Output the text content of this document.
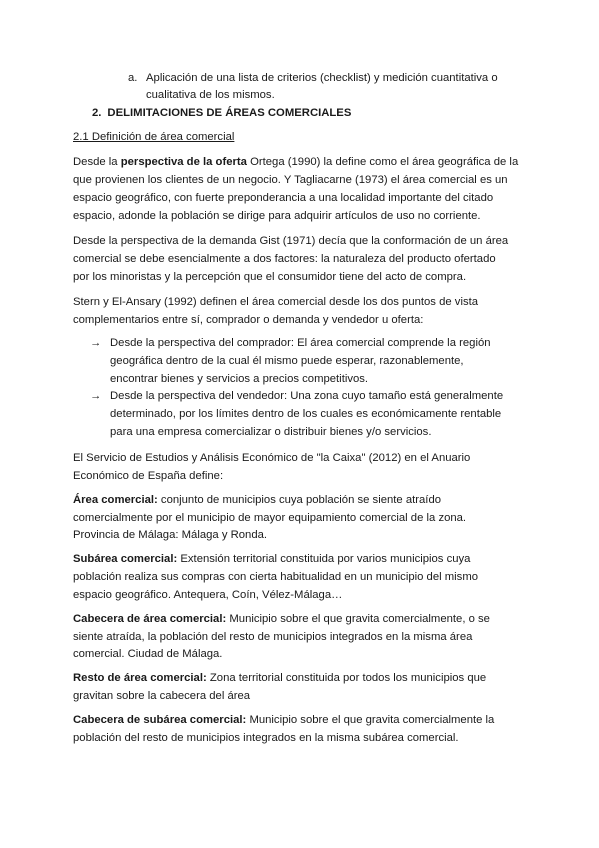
a. Aplicación de una lista de criterios (checklist) y medición cuantitativa o
cualitativa de los mismos.
2. DELIMITACIONES DE ÁREAS COMERCIALES
2.1 Definición de área comercial
Desde la perspectiva de la oferta Ortega (1990) la define como el área geográfica de la
que provienen los clientes de un negocio. Y Tagliacarne (1973) el área comercial es un
espacio geográfico, con fuerte preponderancia a una localidad importante del citado
espacio, adonde la población se dirige para adquirir artículos de uso no corriente.
Desde la perspectiva de la demanda Gist (1971) decía que la conformación de un área
comercial se debe esencialmente a dos factores: la naturaleza del producto ofertado
por los minoristas y la percepción que el consumidor tiene del acto de compra.
Stern y El-Ansary (1992) definen el área comercial desde los dos puntos de vista
complementarios entre sí, comprador o demanda y vendedor u oferta:
→ Desde la perspectiva del comprador: El área comercial comprende la región
geográfica dentro de la cual él mismo puede esperar, razonablemente,
encontrar bienes y servicios a precios competitivos.
→ Desde la perspectiva del vendedor: Una zona cuyo tamaño está generalmente
determinado, por los límites dentro de los cuales es económicamente rentable
para una empresa comercializar o distribuir bienes y/o servicios.
El Servicio de Estudios y Análisis Económico de "la Caixa" (2012) en el Anuario
Económico de España define:
Área comercial: conjunto de municipios cuya población se siente atraído
comercialmente por el municipio de mayor equipamiento comercial de la zona.
Provincia de Málaga: Málaga y Ronda.
Subárea comercial: Extensión territorial constituida por varios municipios cuya
población realiza sus compras con cierta habitualidad en un municipio del mismo
espacio geográfico. Antequera, Coín, Vélez-Málaga…
Cabecera de área comercial: Municipio sobre el que gravita comercialmente, o se
siente atraída, la población del resto de municipios integrados en la misma área
comercial. Ciudad de Málaga.
Resto de área comercial: Zona territorial constituida por todos los municipios que
gravitan sobre la cabecera del área
Cabecera de subárea comercial: Municipio sobre el que gravita comercialmente la
población del resto de municipios integrados en la misma subárea comercial.
